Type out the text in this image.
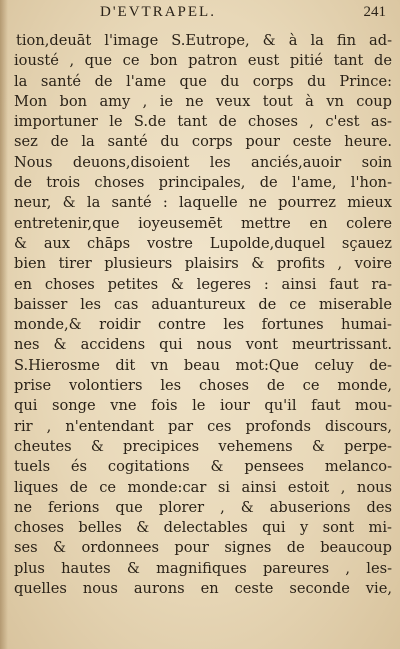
D'EVTRAPEL.	241
tion,deuāt l'image S.Eutrope, & à la fin ad-
iousté , que ce bon patron eust pitié tant de
la santé de l'ame que du corps du Prince:
Mon bon amy , ie ne veux tout à vn coup
importuner le S.de tant de choses , c'est as-
sez de la santé du corps pour ceste heure.
Nous deuons,disoient les anciés,auoir soin
de trois choses principales, de l'ame, l'hon-
neur, & la santé : laquelle ne pourrez mieux
entretenir,que ioyeusemēt mettre en colere
& aux chāps vostre Lupolde,duquel sçauez
bien tirer plusieurs plaisirs & profits , voire
en choses petites & legeres : ainsi faut ra-
baisser les cas aduantureux de ce miserable
monde,& roidir contre les fortunes humai-
nes & accidens qui nous vont meurtrissant.
S.Hierosme dit vn beau mot:Que celuy de-
prise volontiers les choses de ce monde,
qui songe vne fois le iour qu'il faut mou-
rir , n'entendant par ces profonds discours,
cheutes & precipices vehemens & perpe-
tuels és cogitations & pensees melanco-
liques de ce monde:car si ainsi estoit , nous
ne ferions que plorer , & abuserions des
choses belles & delectables qui y sont mi-
ses & ordonnees pour signes de beaucoup
plus hautes & magnifiques pareures , les-
quelles nous aurons en ceste seconde vie,
